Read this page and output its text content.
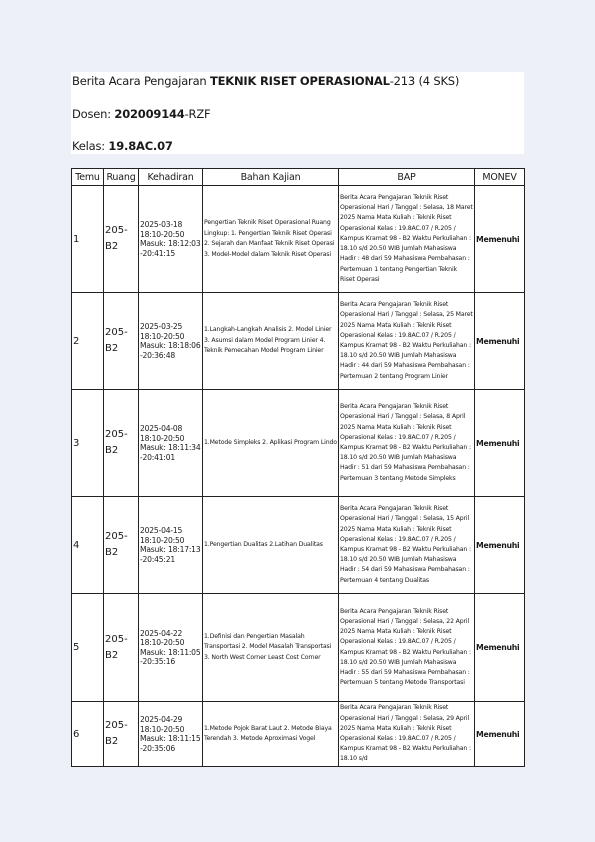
Berita Acara Pengajaran TEKNIK RISET OPERASIONAL-213 (4 SKS)
Dosen: 202009144-RZF
Kelas: 19.8AC.07
Temu	Ruang	Kehadiran	Bahan Kajian	BAP	MONEV
1	205-B2	2025-03-18 18:10-20:50 Masuk: 18:12:03 -20:41:15	Pengertian Teknik Riset Operasional Ruang Lingkup: 1. Pengertian Teknik Riset Operasi 2. Sejarah dan Manfaat Teknik Riset Operasi 3. Model-Model dalam Teknik Riset Operasi	Berita Acara Pengajaran Teknik Riset Operasional Hari / Tanggal : Selasa, 18 Maret 2025 Nama Mata Kuliah : Teknik Riset Operasional Kelas : 19.8AC.07 / R.205 / Kampus Kramat 98 - B2 Waktu Perkuliahan : 18.10 s/d 20.50 WIB Jumlah Mahasiswa Hadir : 48 dari 59 Mahasiswa Pembahasan : Pertemuan 1 tentang Pengertian Teknik Riset Operasi	Memenuhi
2	205-B2	2025-03-25 18:10-20:50 Masuk: 18:18:06 -20:36:48	1.Langkah-Langkah Analisis 2. Model Linier 3. Asumsi dalam Model Program Linier 4. Teknik Pemecahan Model Program Linier	Berita Acara Pengajaran Teknik Riset Operasional Hari / Tanggal : Selasa, 25 Maret 2025 Nama Mata Kuliah : Teknik Riset Operasional Kelas : 19.8AC.07 / R.205 / Kampus Kramat 98 - B2 Waktu Perkuliahan : 18.10 s/d 20.50 WIB Jumlah Mahasiswa Hadir : 44 dari 59 Mahasiswa Pembahasan : Pertemuan 2 tentang Program Linier	Memenuhi
3	205-B2	2025-04-08 18:10-20:50 Masuk: 18:11:34 -20:41:01	1.Metode Simpleks 2. Aplikasi Program Lindo	Berita Acara Pengajaran Teknik Riset Operasional Hari / Tanggal : Selasa, 8 April 2025 Nama Mata Kuliah : Teknik Riset Operasional Kelas : 19.8AC.07 / R.205 / Kampus Kramat 98 - B2 Waktu Perkuliahan : 18.10 s/d 20.50 WIB Jumlah Mahasiswa Hadir : 51 dari 59 Mahasiswa Pembahasan : Pertemuan 3 tentang Metode Simpleks	Memenuhi
4	205-B2	2025-04-15 18:10-20:50 Masuk: 18:17:13 -20:45:21	1.Pengertian Dualitas 2.Latihan Dualitas	Berita Acara Pengajaran Teknik Riset Operasional Hari / Tanggal : Selasa, 15 April 2025 Nama Mata Kuliah : Teknik Riset Operasional Kelas : 19.8AC.07 / R.205 / Kampus Kramat 98 - B2 Waktu Perkuliahan : 18.10 s/d 20.50 WIB Jumlah Mahasiswa Hadir : 54 dari 59 Mahasiswa Pembahasan : Pertemuan 4 tentang Dualitas	Memenuhi
5	205-B2	2025-04-22 18:10-20:50 Masuk: 18:11:05 -20:35:16	1.Definisi dan Pengertian Masalah Transportasi 2. Model Masalah Transportasi 3. North West Corner Least Cost Corner	Berita Acara Pengajaran Teknik Riset Operasional Hari / Tanggal : Selasa, 22 April 2025 Nama Mata Kuliah : Teknik Riset Operasional Kelas : 19.8AC.07 / R.205 / Kampus Kramat 98 - B2 Waktu Perkuliahan : 18.10 s/d 20.50 WIB Jumlah Mahasiswa Hadir : 55 dari 59 Mahasiswa Pembahasan : Pertemuan 5 tentang Metode Transportasi	Memenuhi
6	205-B2	2025-04-29 18:10-20:50 Masuk: 18:11:15 -20:35:06	1.Metode Pojok Barat Laut 2. Metode Biaya Terendah 3. Metode Aproximasi Vogel	Berita Acara Pengajaran Teknik Riset Operasional Hari / Tanggal : Selasa, 29 April 2025 Nama Mata Kuliah : Teknik Riset Operasional Kelas : 19.8AC.07 / R.205 / Kampus Kramat 98 - B2 Waktu Perkuliahan : 18.10 s/d	Memenuhi
